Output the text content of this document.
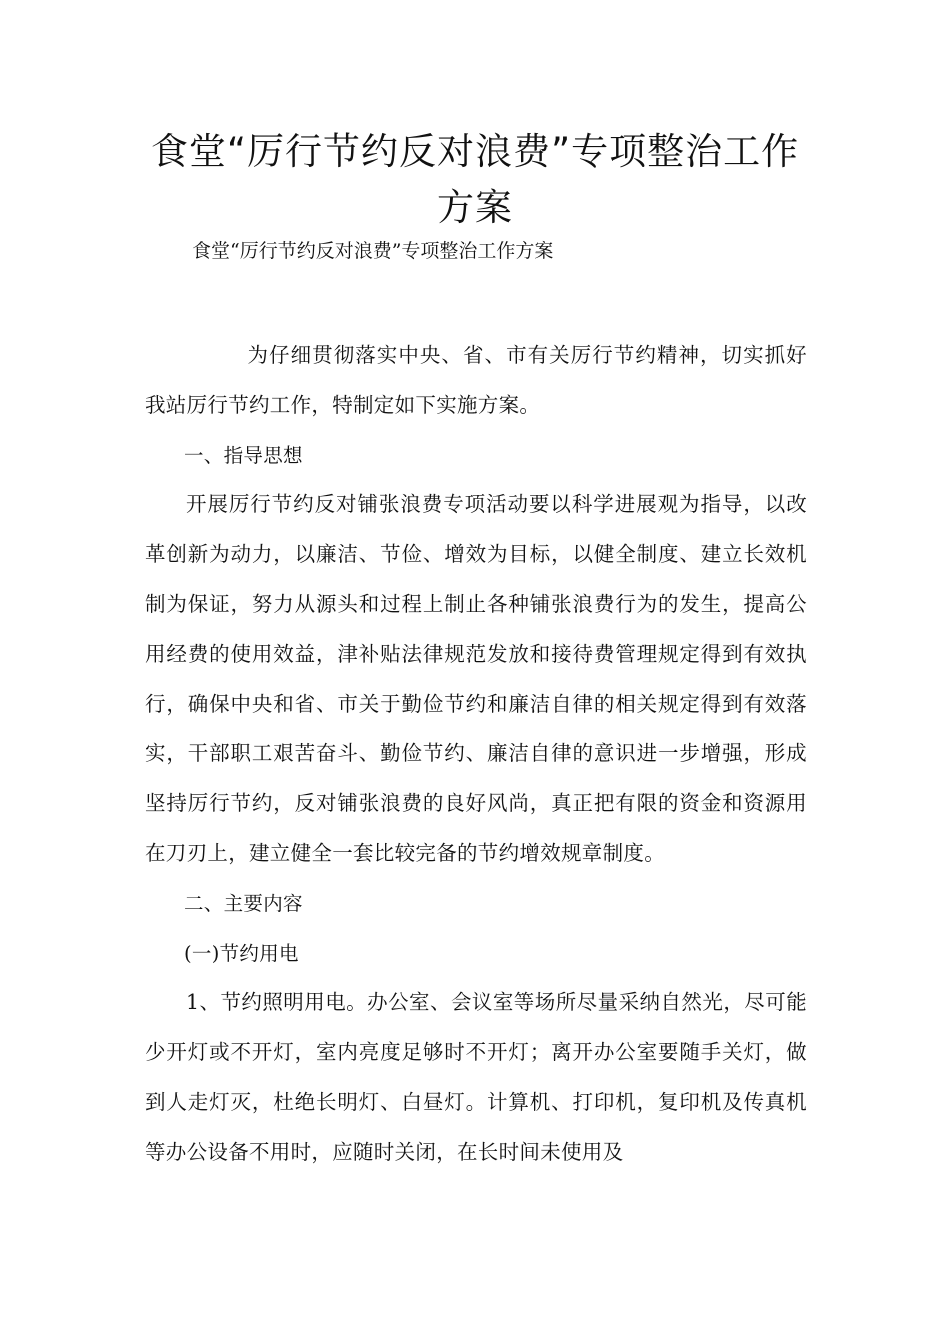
食堂“厉行节约反对浪费”专项整治工作方案

食堂“厉行节约反对浪费”专项整治工作方案

为仔细贯彻落实中央、省、市有关厉行节约精神，切实抓好我站厉行节约工作，特制定如下实施方案。

一、指导思想

开展厉行节约反对铺张浪费专项活动要以科学进展观为指导，以改革创新为动力，以廉洁、节俭、增效为目标，以健全制度、建立长效机制为保证，努力从源头和过程上制止各种铺张浪费行为的发生，提高公用经费的使用效益，津补贴法律规范发放和接待费管理规定得到有效执行，确保中央和省、市关于勤俭节约和廉洁自律的相关规定得到有效落实，干部职工艰苦奋斗、勤俭节约、廉洁自律的意识进一步增强，形成坚持厉行节约，反对铺张浪费的良好风尚，真正把有限的资金和资源用在刀刃上，建立健全一套比较完备的节约增效规章制度。

二、主要内容

(一)节约用电

1、节约照明用电。办公室、会议室等场所尽量采纳自然光，尽可能少开灯或不开灯，室内亮度足够时不开灯；离开办公室要随手关灯，做到人走灯灭，杜绝长明灯、白昼灯。计算机、打印机，复印机及传真机等办公设备不用时，应随时关闭，在长时间未使用及
